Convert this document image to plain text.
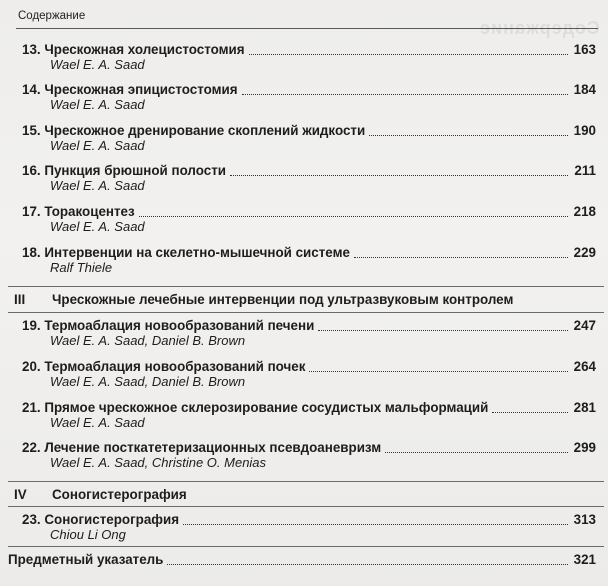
Содержание
Содержание
13. Чрескожная холецистостомия	163
Wael E. A. Saad
14. Чрескожная эпицистостомия	184
Wael E. A. Saad
15. Чрескожное дренирование скоплений жидкости	190
Wael E. A. Saad
16. Пункция брюшной полости	211
Wael E. A. Saad
17. Торакоцентез	218
Wael E. A. Saad
18. Интервенции на скелетно-мышечной системе	229
Ralf Thiele
III Чрескожные лечебные интервенции под ультразвуковым контролем
19. Термоаблация новообразований печени	247
Wael E. A. Saad, Daniel B. Brown
20. Термоаблация новообразований почек	264
Wael E. A. Saad, Daniel B. Brown
21. Прямое чрескожное склерозирование сосудистых мальформаций	281
Wael E. A. Saad
22. Лечение посткатетеризационных псевдоаневризм	299
Wael E. A. Saad, Christine O. Menias
IV Соногистерография
23. Соногистерография	313
Chiou Li Ong
Предметный указатель	321
